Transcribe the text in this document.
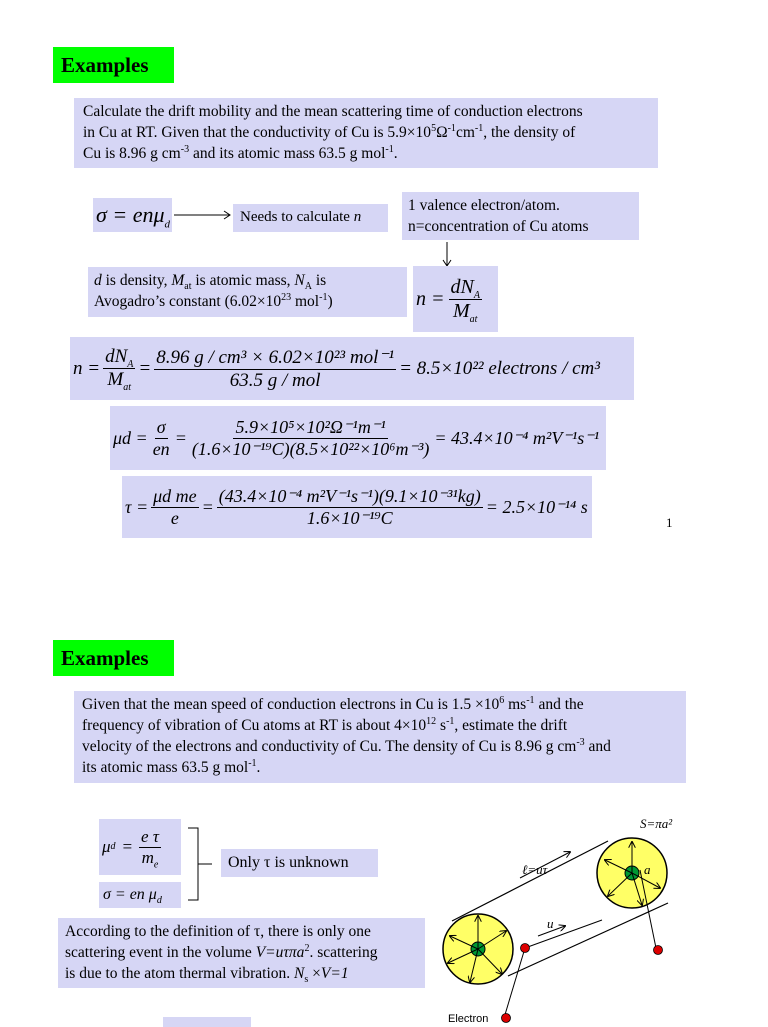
Examples
Calculate the drift mobility and the mean scattering time of conduction electrons
in Cu at RT. Given that the conductivity of Cu is $5.9\times 10^5\Omega^{-1}cm^{-1}$, the density of
Cu is 8.96 g $cm^{-3}$ and its atomic mass 63.5 g mol$^{-1}$.
σ = enμ$_d$	Needs to calculate n
1 valence electron/atom.
n=concentration of Cu atoms
d is density, $M_{at}$ is atomic mass, $N_A$ is
Avogadro’s constant ($6.02\times 10^{23}$ mol$^{-1}$)	$n = \frac{dN_A}{M_{at}}$
$n = \frac{dN_A}{M_{at}} = \frac{\text{8.96 g / cm³ × 6.02×10²³ mol⁻¹}}{\text{63.5 g / mol}} = 8.5\times 10^{22}$ electrons / cm³
$\mu d = \frac{\sigma}{en} = \frac{\text{5.9×10⁵×10²Ω⁻¹m⁻¹}}{\text{(1.6×10⁻¹⁹C)(8.5×10²²×10⁶m⁻³)}} = 43.4\times 10^{-4}$ m²V⁻¹s⁻¹
$\tau = \frac{\text{μd me}}{e} = \frac{\text{(43.4×10⁻⁴ m²V⁻¹s⁻¹)(9.1×10⁻³¹kg)}}{\text{1.6×10⁻¹⁹C}} = 2.5\times 10^{-14}$ s
1
Examples
Given that the mean speed of conduction electrons in Cu is $1.5 \times 10^6$ $ms^{-1}$ and the
frequency of vibration of Cu atoms at RT is about $4\times 10^{12}$ $s^{-1}$, estimate the drift
velocity of the electrons and conductivity of Cu. The density of Cu is 8.96 g $cm^{-3}$ and
its atomic mass 63.5 g mol$^{-1}$.
μ $d = \frac{\text{e τ}}{m_e}$
σ = en $\mu_d$
Only τ is unknown
According to the definition of τ, there is only one
scattering event in the volume V=uτπa$^2$. scattering
is due to the atom thermal vibration. $N_s \times V=1$
S=πa²
ℓ=uτ	a
u
Electron
